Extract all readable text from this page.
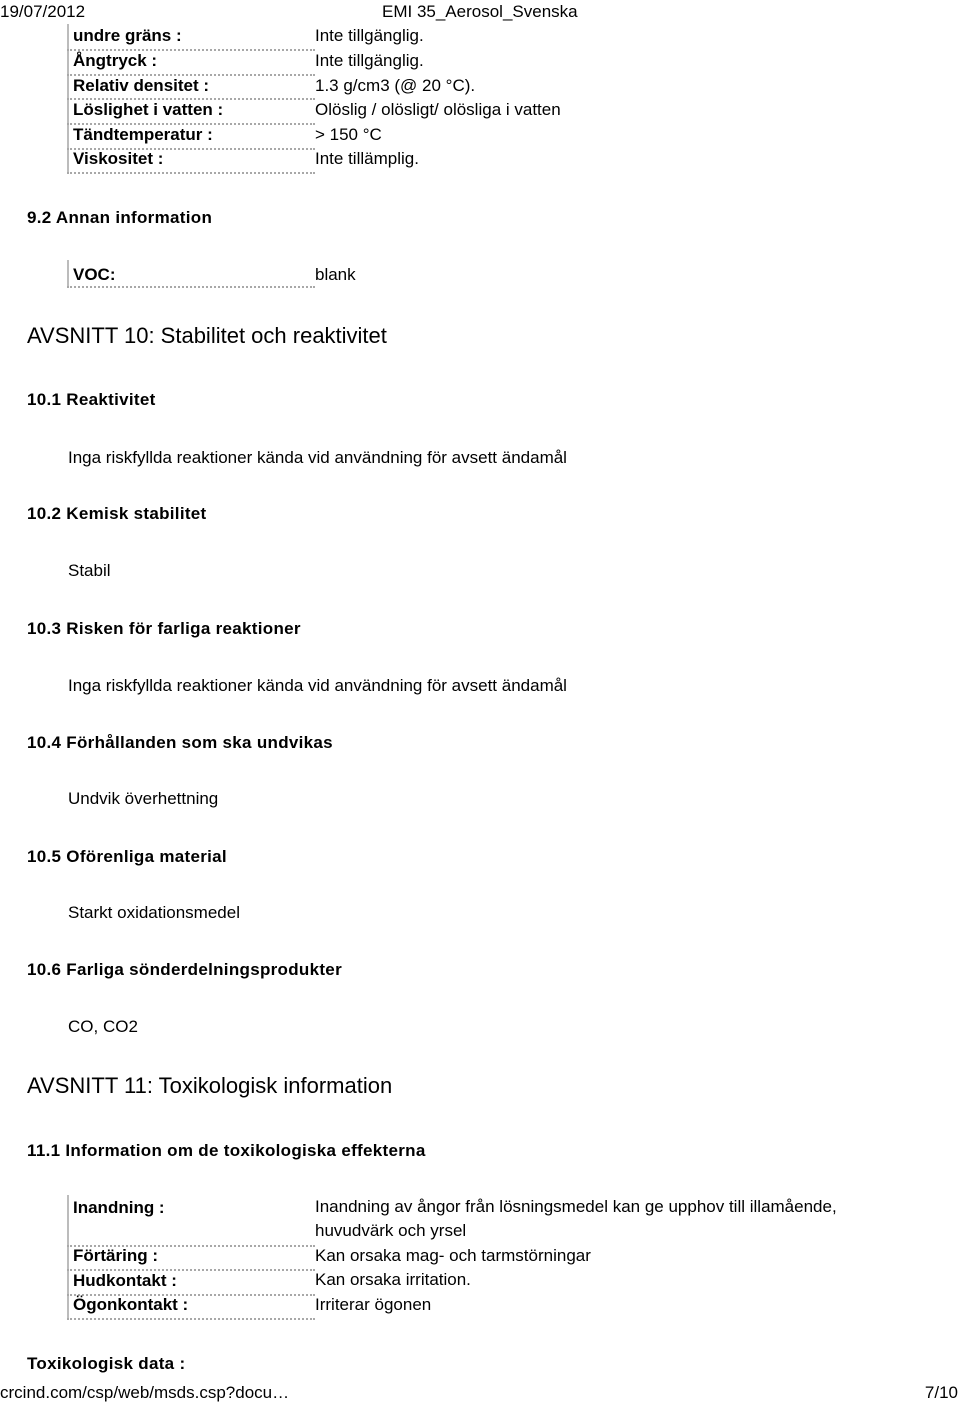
19/07/2012	EMI 35_Aerosol_Svenska
undre gräns :	Inte tillgänglig.
Ångtryck :	Inte tillgänglig.
Relativ densitet :	1.3 g/cm3 (@ 20 °C).
Löslighet i vatten :	Olöslig / olösligt/ olösliga i vatten
Tändtemperatur :	> 150 °C
Viskositet :	Inte tillämplig.
9.2 Annan information
VOC:	blank
AVSNITT 10: Stabilitet och reaktivitet
10.1 Reaktivitet
Inga riskfyllda reaktioner kända vid användning för avsett ändamål
10.2 Kemisk stabilitet
Stabil
10.3 Risken för farliga reaktioner
Inga riskfyllda reaktioner kända vid användning för avsett ändamål
10.4 Förhållanden som ska undvikas
Undvik överhettning
10.5 Oförenliga material
Starkt oxidationsmedel
10.6 Farliga sönderdelningsprodukter
CO, CO2
AVSNITT 11: Toxikologisk information
11.1 Information om de toxikologiska effekterna
Inandning :	Inandning av ångor från lösningsmedel kan ge upphov till illamående,
huvudvärk och yrsel
Förtäring :	Kan orsaka mag- och tarmstörningar
Hudkontakt :	Kan orsaka irritation.
Ögonkontakt :	Irriterar ögonen
Toxikologisk data :
crcind.com/csp/web/msds.csp?docu…	7/10
